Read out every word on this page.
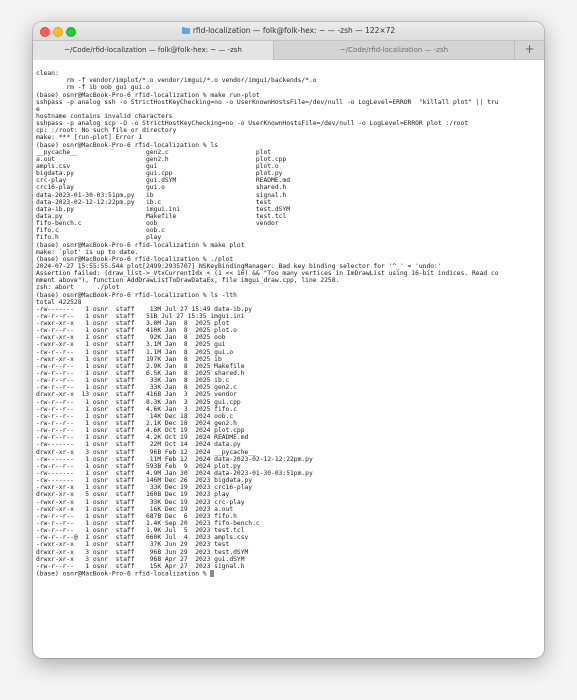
rfid-localization — folk@folk-hex: ~ — -zsh — 122×72
~/Code/rfid-localization — folk@folk-hex: ~ — -zsh	~/Code/rfid-localization — -zsh	+
clean:
rm -f vendor/implot/*.o vendor/imgui/*.o vendor/imgui/backends/*.o
rm -f ib oob gui gui.o
(base) osnr@MacBook-Pro-6 rfid-localization % make run-plot
sshpass -p analog ssh -o StrictHostKeyChecking=no -o UserKnownHostsFile=/dev/null -o LogLevel=ERROR  "killall plot" || tru
e
hostname contains invalid characters
sshpass -p analog scp -O -o StrictHostKeyChecking=no -o UserKnownHostsFile=/dev/null -o LogLevel=ERROR plot :/root
cp: :/root: No such file or directory
make: *** [run-plot] Error 1
(base) osnr@MacBook-Pro-6 rfid-localization % ls
__pycache__                  gen2.c                       plot
a.out                        gen2.h                       plot.cpp
ampls.csv                    gui                          plot.o
bigdata.py                   gui.cpp                      plot.py
crc-play                     gui.dSYM                     README.md
crc16-play                   gui.o                        shared.h
data-2023-01-30-03:51pm.py   ib                           signal.h
data-2023-02-12-12:22pm.py   ib.c                         test
data-ib.py                   imgui.ini                    test.dSYM
data.py                      Makefile                     test.tcl
fifo-bench.c                 oob                          vendor
fifo.c                       oob.c
fifo.h                       play
(base) osnr@MacBook-Pro-6 rfid-localization % make plot
make: `plot' is up to date.
(base) osnr@MacBook-Pro-6 rfid-localization % ./plot
2024-07-27 15:55:55.544 plot[2499:2935707] NSKeyBindingManager: Bad key binding selector for '^_' = 'undo:'
Assertion failed: (draw_list->_VtxCurrentIdx < (1 << 16) && "Too many vertices in ImDrawList using 16-bit indices. Read co
mment above"), function AddDrawListToDrawDataEx, file imgui_draw.cpp, line 2258.
zsh: abort      ./plot
(base) osnr@MacBook-Pro-6 rfid-localization % ls -lth
total 422528
-rw-------   1 osnr  staff    13M Jul 27 15:49 data-ib.py
-rw-r--r--   1 osnr  staff   51B Jul 27 15:35 imgui.ini
-rwxr-xr-x   1 osnr  staff   3.0M Jan  8  2025 plot
-rw-r--r--   1 osnr  staff   410K Jan  8  2025 plot.o
-rwxr-xr-x   1 osnr  staff    92K Jan  8  2025 oob
-rwxr-xr-x   1 osnr  staff   3.1M Jan  8  2025 gui
-rw-r--r--   1 osnr  staff   1.1M Jan  8  2025 gui.o
-rwxr-xr-x   1 osnr  staff   197K Jan  8  2025 ib
-rw-r--r--   1 osnr  staff   2.9K Jan  8  2025 Makefile
-rw-r--r--   1 osnr  staff   6.5K Jan  8  2025 shared.h
-rw-r--r--   1 osnr  staff    33K Jan  8  2025 ib.c
-rw-r--r--   1 osnr  staff    33K Jan  8  2025 gen2.c
drwxr-xr-x  13 osnr  staff   416B Jan  3  2025 vendor
-rw-r--r--   1 osnr  staff   8.3K Jan  3  2025 gui.cpp
-rw-r--r--   1 osnr  staff   4.6K Jan  3  2025 fifo.c
-rw-r--r--   1 osnr  staff    14K Dec 18  2024 oob.c
-rw-r--r--   1 osnr  staff   2.1K Dec 18  2024 gen2.h
-rw-r--r--   1 osnr  staff   4.6K Oct 19  2024 plot.cpp
-rw-r--r--   1 osnr  staff   4.2K Oct 19  2024 README.md
-rw-------   1 osnr  staff    22M Oct 14  2024 data.py
drwxr-xr-x   3 osnr  staff    96B Feb 12  2024 __pycache__
-rw-------   1 osnr  staff    11M Feb 12  2024 data-2023-02-12-12:22pm.py
-rw-r--r--   1 osnr  staff   593B Feb  9  2024 plot.py
-rw-------   1 osnr  staff   4.9M Jan 30  2024 data-2023-01-30-03:51pm.py
-rw-------   1 osnr  staff   146M Dec 26  2023 bigdata.py
-rwxr-xr-x   1 osnr  staff    33K Dec 19  2023 crc16-play
drwxr-xr-x   5 osnr  staff   160B Dec 19  2023 play
-rwxr-xr-x   1 osnr  staff    33K Dec 19  2023 crc-play
-rwxr-xr-x   1 osnr  staff    16K Dec 19  2023 a.out
-rw-r--r--   1 osnr  staff   687B Dec  6  2023 fifo.h
-rw-r--r--   1 osnr  staff   1.4K Sep 20  2023 fifo-bench.c
-rw-r--r--   1 osnr  staff   1.9K Jul  5  2023 test.tcl
-rw-r--r--@  1 osnr  staff   660K Jul  4  2023 ampls.csv
-rwxr-xr-x   1 osnr  staff    37K Jun 29  2023 test
drwxr-xr-x   3 osnr  staff    96B Jun 29  2023 test.dSYM
drwxr-xr-x   3 osnr  staff    96B Apr 27  2023 gui.dSYM
-rw-r--r--   1 osnr  staff    15K Apr 27  2023 signal.h
(base) osnr@MacBook-Pro-6 rfid-localization %
